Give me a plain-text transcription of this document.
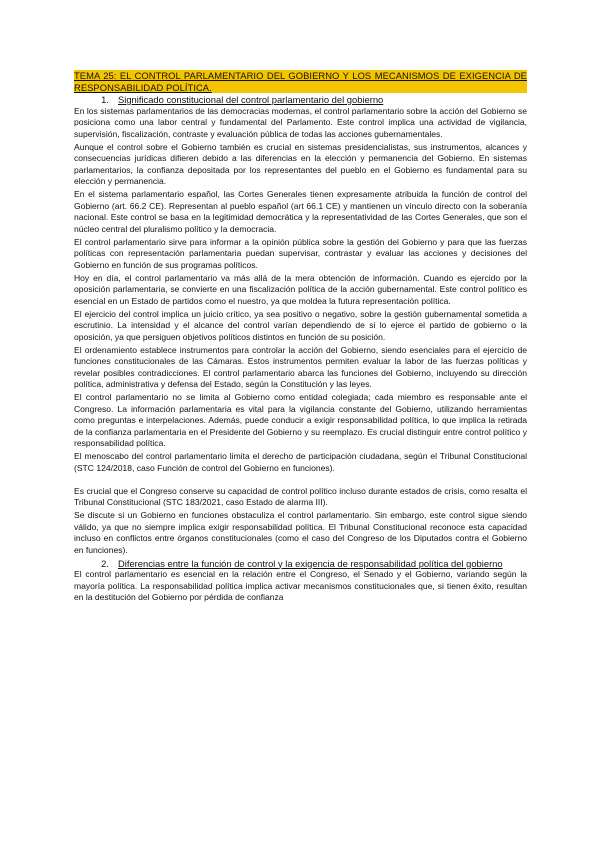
TEMA 25: EL CONTROL PARLAMENTARIO DEL GOBIERNO Y LOS MECANISMOS DE EXIGENCIA DE RESPONSABILIDAD POLÍTICA.
1. Significado constitucional del control parlamentario del gobierno

En los sistemas parlamentarios de las democracias modernas, el control parlamentario sobre la acción del Gobierno se posiciona como una labor central y fundamental del Parlamento. Este control implica una actividad de vigilancia, supervisión, fiscalización, contraste y evaluación pública de todas las acciones gubernamentales.

Aunque el control sobre el Gobierno también es crucial en sistemas presidencialistas, sus instrumentos, alcances y consecuencias jurídicas difieren debido a las diferencias en la elección y permanencia del Gobierno. En sistemas parlamentarios, la confianza depositada por los representantes del pueblo en el Gobierno es fundamental para su elección y permanencia.

En el sistema parlamentario español, las Cortes Generales tienen expresamente atribuida la función de control del Gobierno (art. 66.2 CE). Representan al pueblo español (art 66.1 CE) y mantienen un vínculo directo con la soberanía nacional. Este control se basa en la legitimidad democrática y la representatividad de las Cortes Generales, que son el núcleo central del pluralismo político y la democracia.

El control parlamentario sirve para informar a la opinión pública sobre la gestión del Gobierno y para que las fuerzas políticas con representación parlamentaria puedan supervisar, contrastar y evaluar las acciones y decisiones del Gobierno en función de sus programas políticos.

Hoy en día, el control parlamentario va más allá de la mera obtención de información. Cuando es ejercido por la oposición parlamentaria, se convierte en una fiscalización política de la acción gubernamental. Este control político es esencial en un Estado de partidos como el nuestro, ya que moldea la futura representación política.

El ejercicio del control implica un juicio crítico, ya sea positivo o negativo, sobre la gestión gubernamental sometida a escrutinio. La intensidad y el alcance del control varían dependiendo de si lo ejerce el partido de gobierno o la oposición, ya que persiguen objetivos políticos distintos en función de su posición.

El ordenamiento establece instrumentos para controlar la acción del Gobierno, siendo esenciales para el ejercicio de funciones constitucionales de las Cámaras. Estos instrumentos permiten evaluar la labor de las fuerzas políticas y revelar posibles contradicciones. El control parlamentario abarca las funciones del Gobierno, incluyendo su dirección política, administrativa y defensa del Estado, según la Constitución y las leyes.

El control parlamentario no se limita al Gobierno como entidad colegiada; cada miembro es responsable ante el Congreso. La información parlamentaria es vital para la vigilancia constante del Gobierno, utilizando herramientas como preguntas e interpelaciones. Además, puede conducir a exigir responsabilidad política, lo que implica la retirada de la confianza parlamentaria en el Presidente del Gobierno y su reemplazo. Es crucial distinguir entre control político y responsabilidad política.

El menoscabo del control parlamentario limita el derecho de participación ciudadana, según el Tribunal Constitucional (STC 124/2018, caso Función de control del Gobierno en funciones).

Es crucial que el Congreso conserve su capacidad de control político incluso durante estados de crisis, como resalta el Tribunal Constitucional (STC 183/2021, caso Estado de alarma III).

Se discute si un Gobierno en funciones obstaculiza el control parlamentario. Sin embargo, este control sigue siendo válido, ya que no siempre implica exigir responsabilidad política. El Tribunal Constitucional reconoce esta capacidad incluso en conflictos entre órganos constitucionales (como el caso del Congreso de los Diputados contra el Gobierno en funciones).

2. Diferencias entre la función de control y la exigencia de responsabilidad política del gobierno

El control parlamentario es esencial en la relación entre el Congreso, el Senado y el Gobierno, variando según la mayoría política. La responsabilidad política implica activar mecanismos constitucionales que, si tienen éxito, resultan en la destitución del Gobierno por pérdida de confianza
